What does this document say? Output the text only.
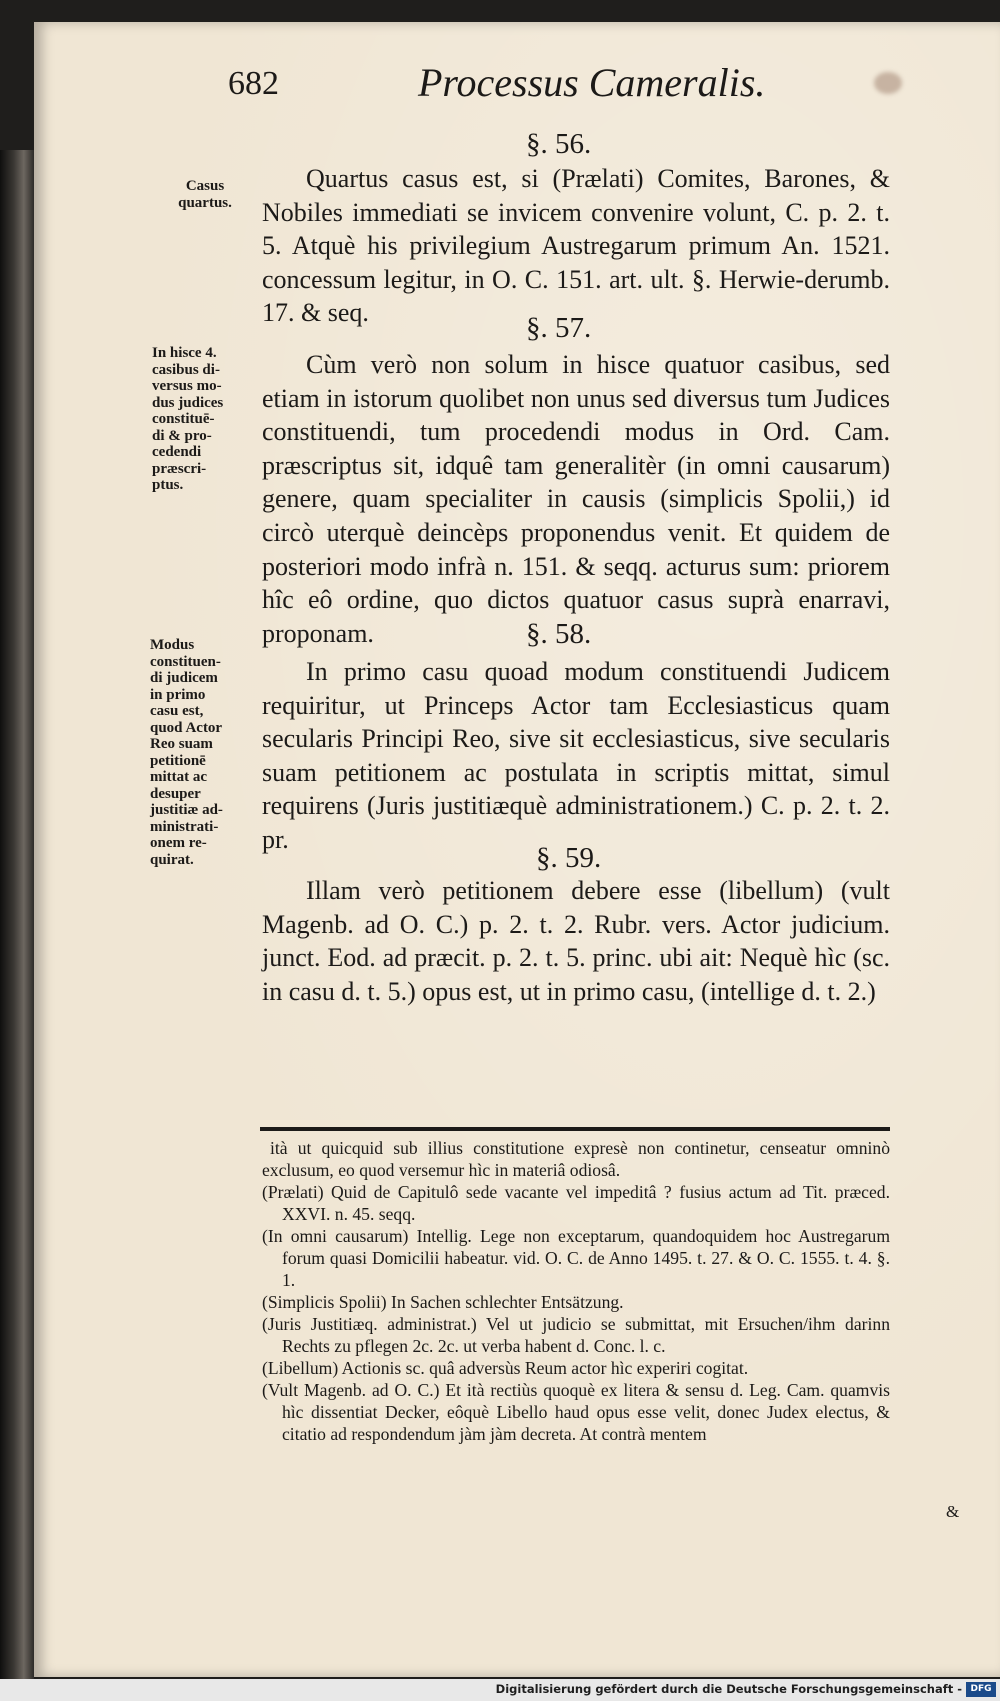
682	Processus Cameralis.
§. 56.
Casus
quartus.

Quartus casus est, si (Prælati) Comites, Barones, & Nobiles immediati se invicem convenire volunt, C. p. 2. t. 5. Atquè his privilegium Austregarum primum An. 1521. concessum legitur, in O. C. 151. art. ult. §. Herwie-derumb. 17. & seq.	§. 57.
In hisce 4.
casibus di-
versus mo-
dus judices
constituē-
di & pro-
cedendi
præscri-
ptus.

Cùm verò non solum in hisce quatuor casibus, sed etiam in istorum quolibet non unus sed diversus tum Judices constituendi, tum procedendi modus in Ord. Cam. præscriptus sit, idquê tam generalitèr (in omni causarum) genere, quam specialiter in causis (simplicis Spolii,) id circò uterquè deincèps proponendus venit. Et quidem de posteriori modo infrà n. 151. & seqq. acturus sum: priorem hîc eô ordine, quo dictos quatuor casus suprà enarravi, proponam.	§. 58.
Modus
constituen-
di judicem
in primo
casu est,
quod Actor
Reo suam
petitionē
mittat ac
desuper
justitiæ ad-
ministrati-
onem re-
quirat.

In primo casu quoad modum constituendi Judicem requiritur, ut Princeps Actor tam Ecclesiasticus quam secularis Principi Reo, sive sit ecclesiasticus, sive secularis suam petitionem ac postulata in scriptis mittat, simul requirens (Juris justitiæquè administrationem.) C. p. 2. t. 2. pr.

§. 59.

Illam verò petitionem debere esse (libellum) (vult Magenb. ad O. C.) p. 2. t. 2. Rubr. vers. Actor judicium. junct. Eod. ad præcit. p. 2. t. 5. princ. ubi ait: Nequè hìc (sc. in casu d. t. 5.) opus est, ut in primo casu, (intellige d. t. 2.)

ità ut quicquid sub illius constitutione expresè non continetur, censeatur omninò exclusum, eo quod versemur hìc in materiâ odiosâ.

(Prælati) Quid de Capitulô sede vacante vel impeditâ ? fusius actum ad Tit. præced. XXVI. n. 45. seqq.

(In omni causarum) Intellig. Lege non exceptarum, quandoquidem hoc Austregarum forum quasi Domicilii habeatur. vid. O. C. de Anno 1495. t. 27. & O. C. 1555. t. 4. §. 1.

(Simplicis Spolii) In Sachen schlechter Entsätzung.

(Juris Justitiæq. administrat.) Vel ut judicio se submittat, mit Ersuchen/ihm darinn Rechts zu pflegen 2c. 2c. ut verba habent d. Conc. l. c.

(Libellum) Actionis sc. quâ adversùs Reum actor hìc experiri cogitat.

(Vult Magenb. ad O. C.) Et ità rectiùs quoquè ex litera & sensu d. Leg. Cam. quamvis hìc dissentiat Decker, eôquè Libello haud opus esse velit, donec Judex electus, & citatio ad respondendum jàm jàm decreta. At contrà mentem

&
Digitalisierung gefördert durch die Deutsche Forschungsgemeinschaft - DFG
